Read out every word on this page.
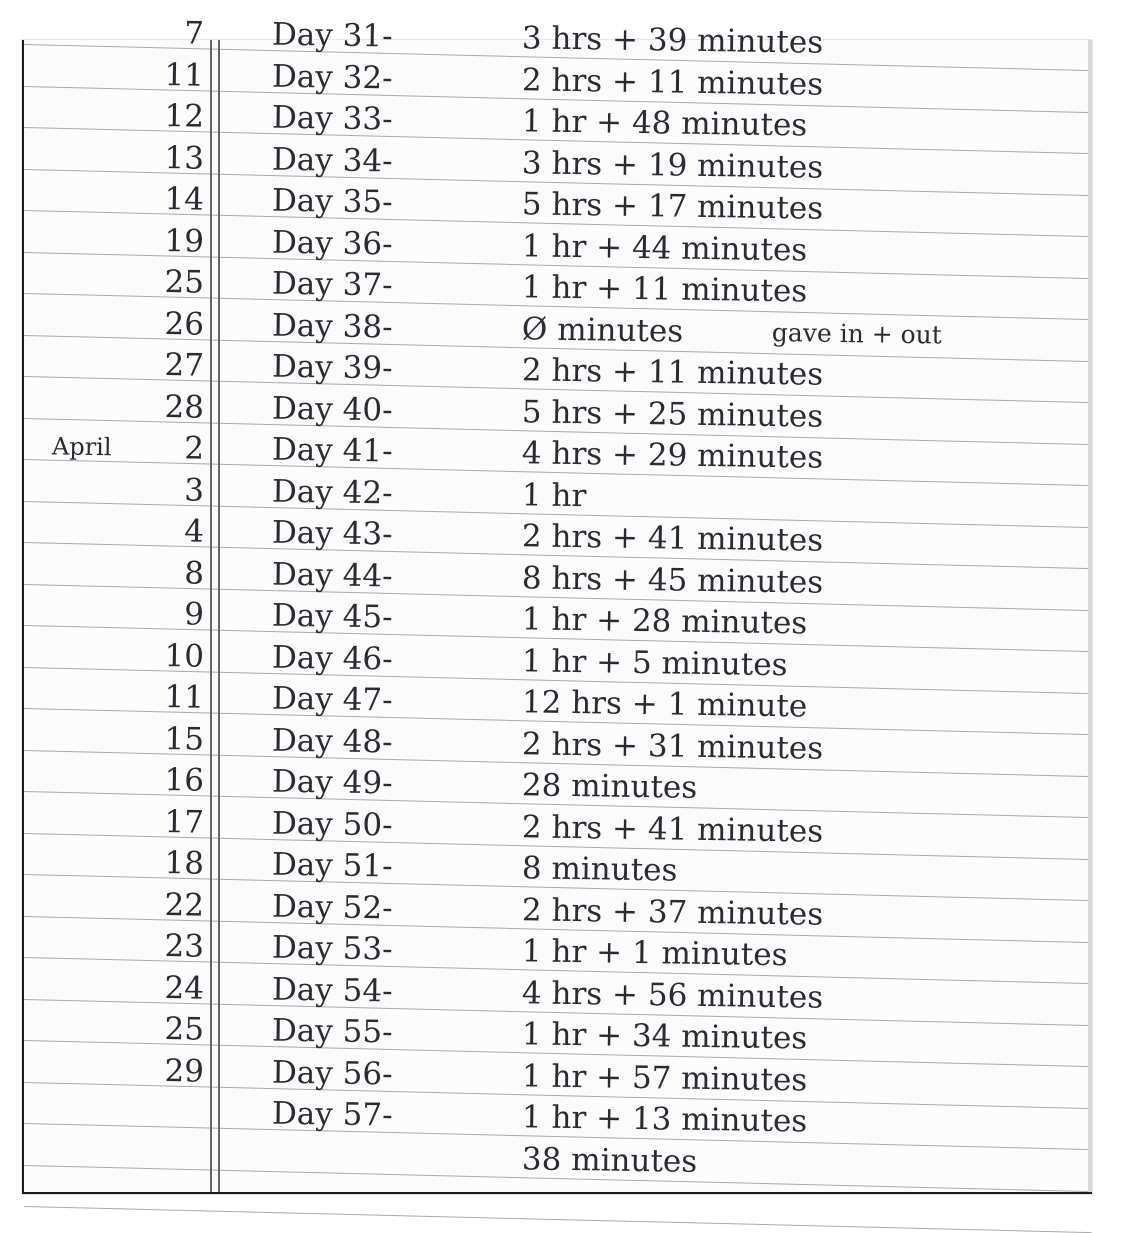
7 Day 31-	3 hrs + 39 minutes
11 Day 32-	2 hrs + 11 minutes
12 Day 33-	1 hr + 48 minutes
13 Day 34-	3 hrs + 19 minutes
14 Day 35-	5 hrs + 17 minutes
19 Day 36-	1 hr + 44 minutes
25 Day 37-	1 hr + 11 minutes
26 Day 38-	Ø minutes	gave in + out
27 Day 39-	2 hrs + 11 minutes
28 Day 40-	5 hrs + 25 minutes
April	2 Day 41-	4 hrs + 29 minutes
3 Day 42-	1 hr
4 Day 43-	2 hrs + 41 minutes
8 Day 44-	8 hrs + 45 minutes
9 Day 45-	1 hr + 28 minutes
10 Day 46-	1 hr + 5 minutes
11 Day 47-	12 hrs + 1 minute
15 Day 48-	2 hrs + 31 minutes
16 Day 49-	28 minutes
17 Day 50-	2 hrs + 41 minutes
18 Day 51-	8 minutes
22 Day 52-	2 hrs + 37 minutes
23 Day 53-	1 hr + 1 minutes
24 Day 54-	4 hrs + 56 minutes
25 Day 55-	1 hr + 34 minutes
29 Day 56-	1 hr + 57 minutes
Day 57-	1 hr + 13 minutes
38 minutes
